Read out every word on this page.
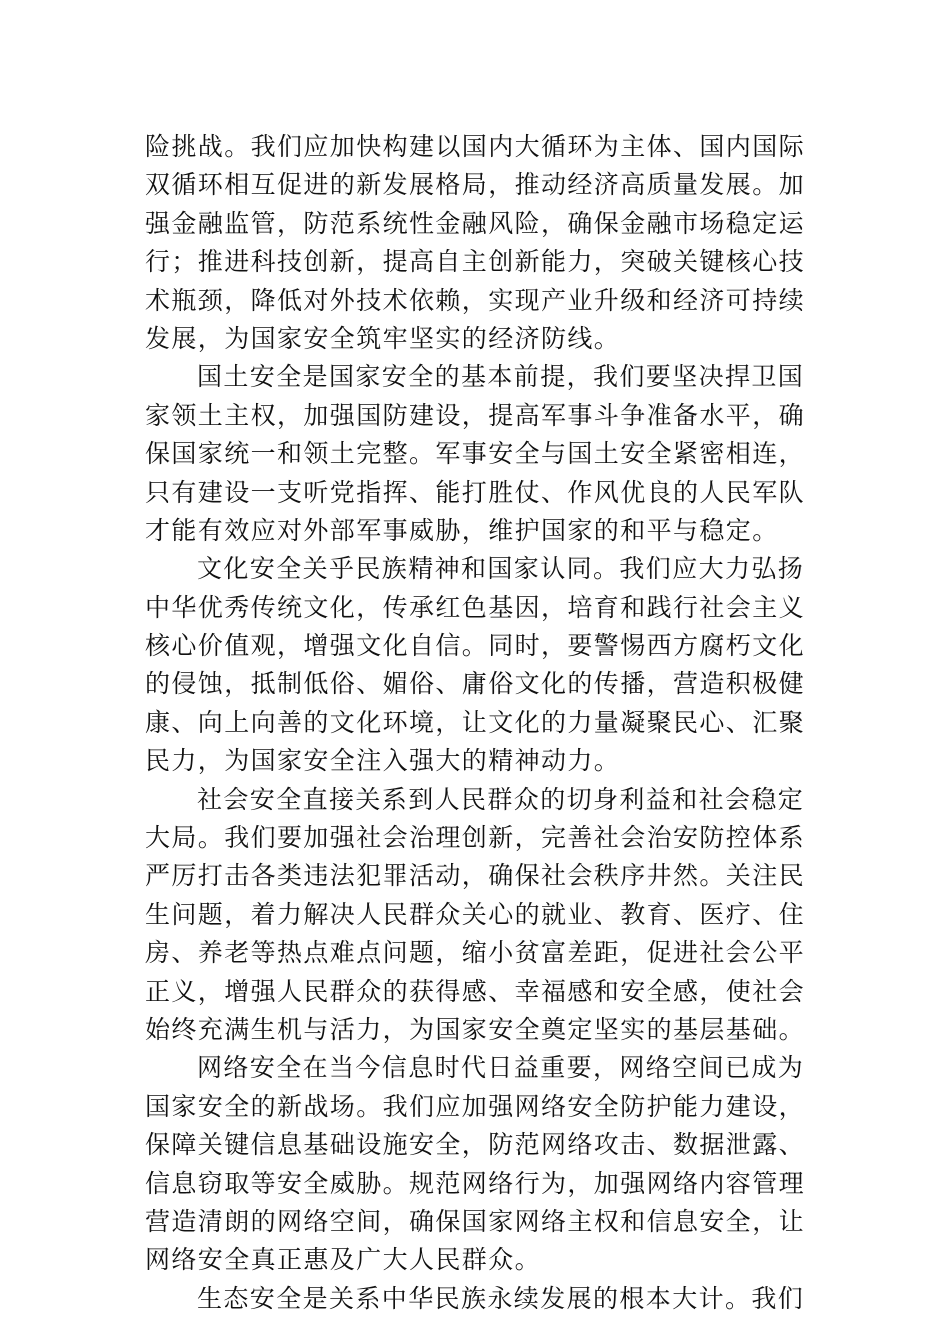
险挑战。我们应加快构建以国内大循环为主体、国内国际
双循环相互促进的新发展格局，推动经济高质量发展。加
强金融监管，防范系统性金融风险，确保金融市场稳定运
行；推进科技创新，提高自主创新能力，突破关键核心技
术瓶颈，降低对外技术依赖，实现产业升级和经济可持续
发展，为国家安全筑牢坚实的经济防线。
国土安全是国家安全的基本前提，我们要坚决捍卫国
家领土主权，加强国防建设，提高军事斗争准备水平，确
保国家统一和领土完整。军事安全与国土安全紧密相连，
只有建设一支听党指挥、能打胜仗、作风优良的人民军队
才能有效应对外部军事威胁，维护国家的和平与稳定。
文化安全关乎民族精神和国家认同。我们应大力弘扬
中华优秀传统文化，传承红色基因，培育和践行社会主义
核心价值观，增强文化自信。同时，要警惕西方腐朽文化
的侵蚀，抵制低俗、媚俗、庸俗文化的传播，营造积极健
康、向上向善的文化环境，让文化的力量凝聚民心、汇聚
民力，为国家安全注入强大的精神动力。
社会安全直接关系到人民群众的切身利益和社会稳定
大局。我们要加强社会治理创新，完善社会治安防控体系
严厉打击各类违法犯罪活动，确保社会秩序井然。关注民
生问题，着力解决人民群众关心的就业、教育、医疗、住
房、养老等热点难点问题，缩小贫富差距，促进社会公平
正义，增强人民群众的获得感、幸福感和安全感，使社会
始终充满生机与活力，为国家安全奠定坚实的基层基础。
网络安全在当今信息时代日益重要，网络空间已成为
国家安全的新战场。我们应加强网络安全防护能力建设，
保障关键信息基础设施安全，防范网络攻击、数据泄露、
信息窃取等安全威胁。规范网络行为，加强网络内容管理
营造清朗的网络空间，确保国家网络主权和信息安全，让
网络安全真正惠及广大人民群众。
生态安全是关系中华民族永续发展的根本大计。我们
